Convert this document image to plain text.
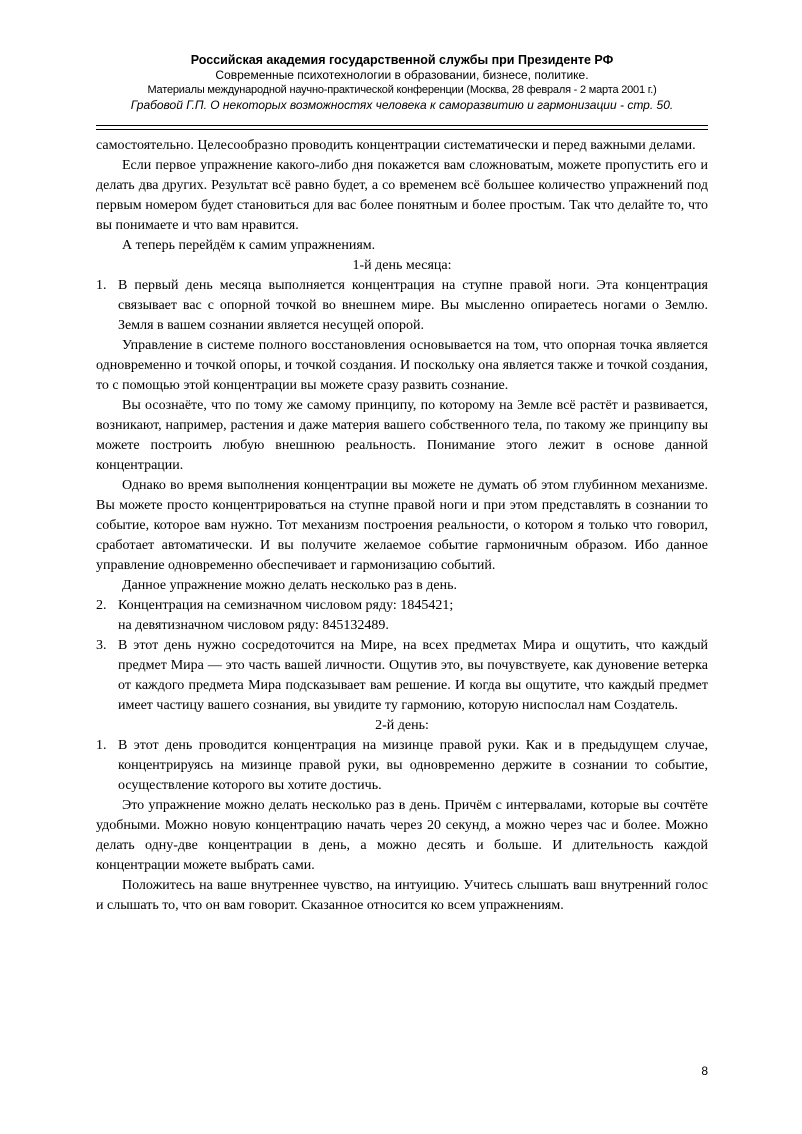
Российская академия государственной службы при Президенте РФ
Современные психотехнологии в образовании, бизнесе, политике.
Материалы международной научно-практической конференции (Москва, 28 февраля - 2 марта 2001 г.)
Грабовой Г.П. О некоторых возможностях человека к саморазвитию и гармонизации - стр. 50.

самостоятельно. Целесообразно проводить концентрации систематически и перед важными делами.

Если первое упражнение какого-либо дня покажется вам сложноватым, можете пропустить его и делать два других. Результат всё равно будет, а со временем всё большее количество упражнений под первым номером будет становиться для вас более понятным и более простым. Так что делайте то, что вы понимаете и что вам нравится.

А теперь перейдём к самим упражнениям.

1-й день месяца:

1. В первый день месяца выполняется концентрация на ступне правой ноги. Эта концентрация связывает вас с опорной точкой во внешнем мире. Вы мысленно опираетесь ногами о Землю. Земля в вашем сознании является несущей опорой.

Управление в системе полного восстановления основывается на том, что опорная точка является одновременно и точкой опоры, и точкой создания. И поскольку она является также и точкой создания, то с помощью этой концентрации вы можете сразу развить сознание.

Вы осознаёте, что по тому же самому принципу, по которому на Земле всё растёт и развивается, возникают, например, растения и даже материя вашего собственного тела, по такому же принципу вы можете построить любую внешнюю реальность. Понимание этого лежит в основе данной концентрации.

Однако во время выполнения концентрации вы можете не думать об этом глубинном механизме. Вы можете просто концентрироваться на ступне правой ноги и при этом представлять в сознании то событие, которое вам нужно. Тот механизм построения реальности, о котором я только что говорил, сработает автоматически. И вы получите желаемое событие гармоничным образом. Ибо данное управление одновременно обеспечивает и гармонизацию событий.

Данное упражнение можно делать несколько раз в день.

2. Концентрация на семизначном числовом ряду: 1845421;

на девятизначном числовом ряду: 845132489.

3. В этот день нужно сосредоточится на Мире, на всех предметах Мира и ощутить, что каждый предмет Мира — это часть вашей личности. Ощутив это, вы почувствуете, как дуновение ветерка от каждого предмета Мира подсказывает вам решение. И когда вы ощутите, что каждый предмет имеет частицу вашего сознания, вы увидите ту гармонию, которую ниспослал нам Создатель.

2-й день:

1. В этот день проводится концентрация на мизинце правой руки. Как и в предыдущем случае, концентрируясь на мизинце правой руки, вы одновременно держите в сознании то событие, осуществление которого вы хотите достичь.

Это упражнение можно делать несколько раз в день. Причём с интервалами, которые вы сочтёте удобными. Можно новую концентрацию начать через 20 секунд, а можно через час и более. Можно делать одну-две концентрации в день, а можно десять и больше. И длительность каждой концентрации можете выбрать сами.

Положитесь на ваше внутреннее чувство, на интуицию. Учитесь слышать ваш внутренний голос и слышать то, что он вам говорит. Сказанное относится ко всем упражнениям.

8
